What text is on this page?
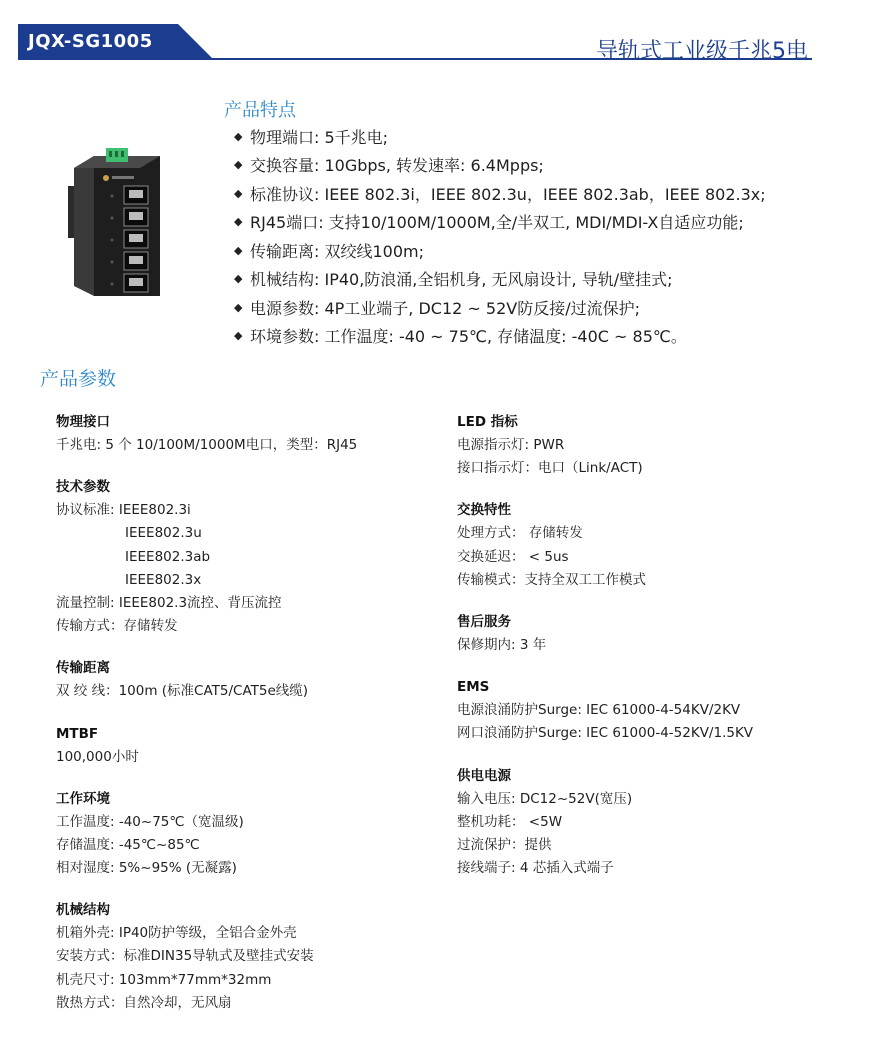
JQX-SG1005	导轨式工业级千兆5电
产品特点
◆ 物理端口: 5千兆电;
◆ 交换容量: 10Gbps, 转发速率: 6.4Mpps;
◆ 标准协议: IEEE 802.3i，IEEE 802.3u，IEEE 802.3ab，IEEE 802.3x;
◆ RJ45端口: 支持10/100M/1000M,全/半双工, MDI/MDI-X自适应功能;
◆ 传输距离: 双绞线100m;
◆ 机械结构: IP40,防浪涌,全铝机身, 无风扇设计, 导轨/壁挂式;
◆ 电源参数: 4P工业端子, DC12 ~ 52V防反接/过流保护;
◆ 环境参数: 工作温度: -40 ~ 75℃, 存储温度: -40C ~ 85℃。
产品参数
物理接口
千兆电: 5 个 10/100M/1000M电口，类型：RJ45
技术参数
协议标准: IEEE802.3i
IEEE802.3u
IEEE802.3ab
IEEE802.3x
流量控制: IEEE802.3流控、背压流控
传输方式：存储转发
传输距离
双 绞 线：100m (标准CAT5/CAT5e线缆)
MTBF
100,000小时
工作环境
工作温度: -40~75℃（宽温级)
存储温度: -45℃~85℃
相对湿度: 5%~95% (无凝露)
机械结构
机箱外壳: IP40防护等级，全铝合金外壳
安装方式：标准DIN35导轨式及壁挂式安装
机壳尺寸: 103mm*77mm*32mm
散热方式：自然冷却，无风扇
LED 指标
电源指示灯: PWR
接口指示灯：电口（Link/ACT)
交换特性
处理方式： 存储转发
交换延迟： < 5us
传输模式：支持全双工工作模式
售后服务
保修期内: 3 年
EMS
电源浪涌防护Surge: IEC 61000-4-54KV/2KV
网口浪涌防护Surge: IEC 61000-4-52KV/1.5KV
供电电源
输入电压: DC12~52V(宽压)
整机功耗： <5W
过流保护：提供
接线端子: 4 芯插入式端子
